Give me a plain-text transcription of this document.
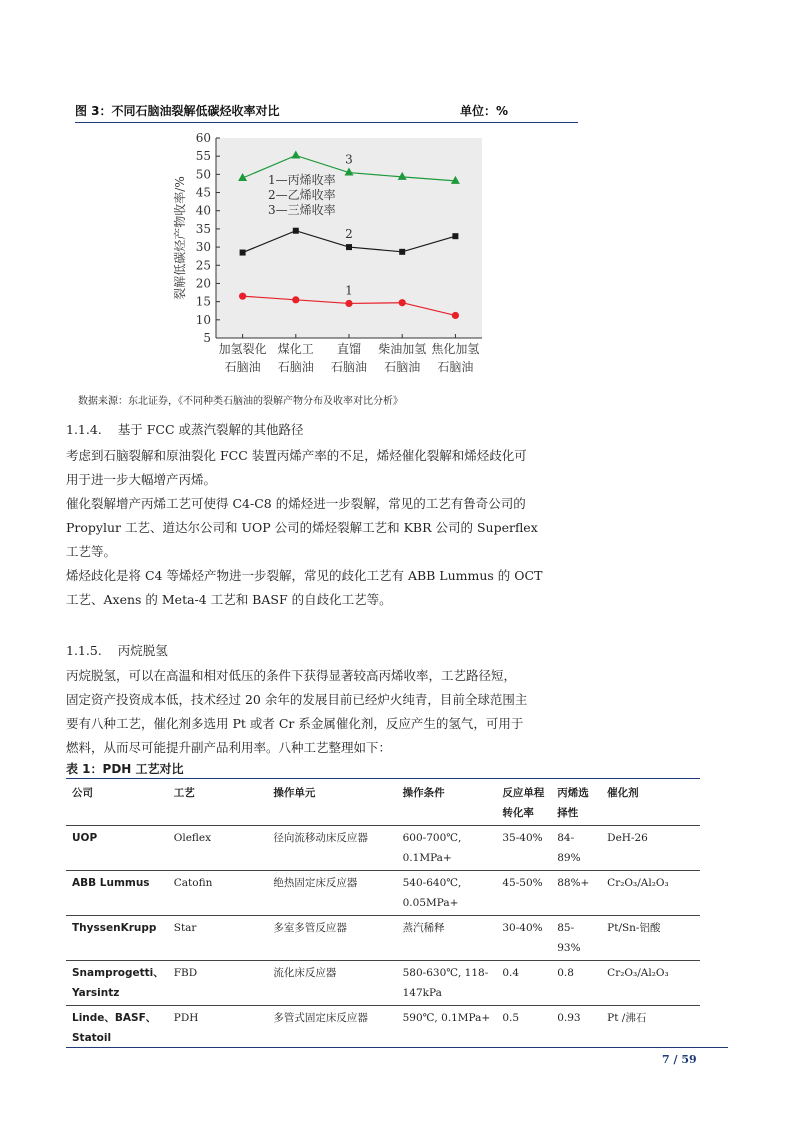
图 3：不同石脑油裂解低碳烃收率对比	单位：%
5
10
15
20
25
30
35
40
45
50
55
60
加氢裂化
石脑油
煤化工
石脑油
直馏
石脑油
柴油加氢
石脑油
焦化加氢
石脑油
裂解低碳烃产物收率/%	1
2
3
1—丙烯收率
2—乙烯收率
3—三烯收率
数据来源：东北证券，《不同种类石脑油的裂解产物分布及收率对比分析》
1.1.4. 基于 FCC 或蒸汽裂解的其他路径
考虑到石脑裂解和原油裂化 FCC 装置丙烯产率的不足，烯烃催化裂解和烯烃歧化可
用于进一步大幅增产丙烯。
催化裂解增产丙烯工艺可使得 C4-C8 的烯烃进一步裂解，常见的工艺有鲁奇公司的
Propylur 工艺、道达尔公司和 UOP 公司的烯烃裂解工艺和 KBR 公司的 Superflex
工艺等。
烯烃歧化是将 C4 等烯烃产物进一步裂解，常见的歧化工艺有 ABB Lummus 的 OCT
工艺、Axens 的 Meta-4 工艺和 BASF 的自歧化工艺等。
1.1.5. 丙烷脱氢
丙烷脱氢，可以在高温和相对低压的条件下获得显著较高丙烯收率，工艺路径短，
固定资产投资成本低，技术经过 20 余年的发展目前已经炉火纯青，目前全球范围主
要有八种工艺，催化剂多选用 Pt 或者 Cr 系金属催化剂，反应产生的氢气，可用于
燃料，从而尽可能提升副产品利用率。八种工艺整理如下：
表 1：PDH 工艺对比
公司	工艺	操作单元	操作条件	反应单程转化率	丙烯选择性	催化剂
UOP	Oleflex	径向流移动床反应器	600-700℃, 0.1MPa+	35-40%	84-89%	DeH-26
ABB Lummus	Catofin	绝热固定床反应器	540-640℃, 0.05MPa+	45-50%	88%+	Cr₂O₃/Al₂O₃
ThyssenKrupp	Star	多室多管反应器	蒸汽稀释	30-40%	85-93%	Pt/Sn-铝酸
Snamprogetti、Yarsintz	FBD	流化床反应器	580-630℃, 118-147kPa	0.4	0.8	Cr₂O₃/Al₂O₃
Linde、BASF、Statoil	PDH	多管式固定床反应器	590℃, 0.1MPa+	0.5	0.93	Pt /沸石
7 / 59
